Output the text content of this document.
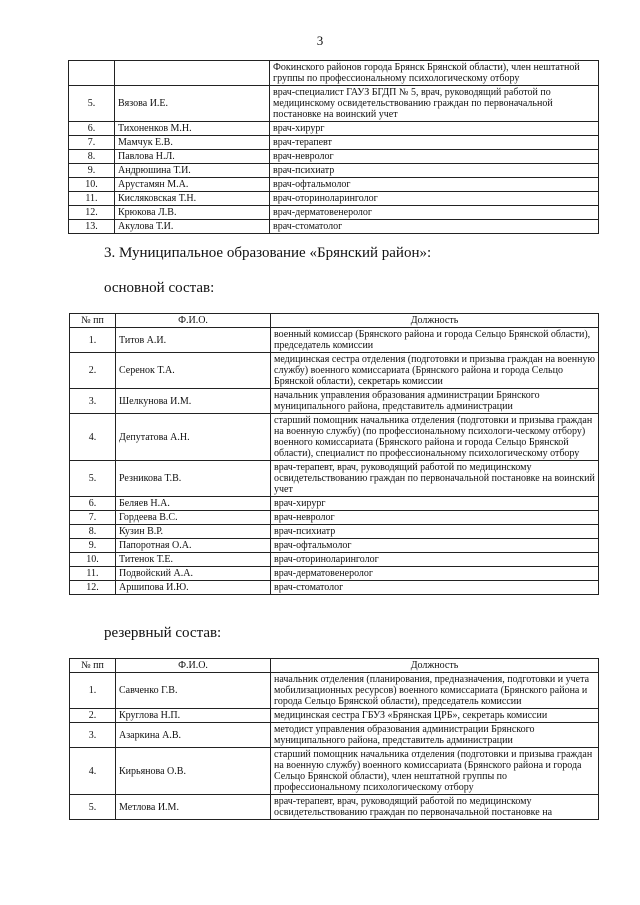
3
		Фокинского районов города Брянск Брянской области), член нештатной группы по профессиональному психологическому отбору
5.	Вязова И.Е.	врач-специалист ГАУЗ БГДП № 5, врач, руководящий работой по медицинскому освидетельствованию граждан по первоначальной постановке на воинский учет
6.	Тихоненков М.Н.	врач-хирург
7.	Мамчук Е.В.	врач-терапевт
8.	Павлова Н.Л.	врач-невролог
9.	Андрюшина Т.И.	врач-психиатр
10.	Арустамян М.А.	врач-офтальмолог
11.	Кисляковская Т.Н.	врач-оториноларинголог
12.	Крюкова Л.В.	врач-дерматовенеролог
13.	Акулова Т.И.	врач-стоматолог
3. Муниципальное образование «Брянский район»:
основной состав:
№ пп	Ф.И.О.	Должность
1.	Титов А.И.	военный комиссар (Брянского района и города Сельцо Брянской области), председатель комиссии
2.	Серенок Т.А.	медицинская сестра отделения (подготовки и призыва граждан на военную службу) военного комиссариата (Брянского района и города Сельцо Брянской области), секретарь комиссии
3.	Шелкунова И.М.	начальник управления образования администрации Брянского муниципального района, представитель администрации
4.	Депутатова А.Н.	старший помощник начальника отделения (подготовки и призыва граждан на военную службу) (по профессиональному психологи-ческому отбору) военного комиссариата (Брянского района и города Сельцо Брянской области), специалист по профессиональному психологическому отбору
5.	Резникова Т.В.	врач-терапевт, врач, руководящий работой по медицинскому освидетельствованию граждан по первоначальной постановке на воинский учет
6.	Беляев Н.А.	врач-хирург
7.	Гордеева В.С.	врач-невролог
8.	Кузин В.Р.	врач-психиатр
9.	Папоротная О.А.	врач-офтальмолог
10.	Титенок Т.Е.	врач-оториноларинголог
11.	Подвойский А.А.	врач-дерматовенеролог
12.	Аршипова И.Ю.	врач-стоматолог
резервный состав:
№ пп	Ф.И.О.	Должность
1.	Савченко Г.В.	начальник отделения (планирования, предназначения, подготовки и учета мобилизационных ресурсов) военного комиссариата (Брянского района и города Сельцо Брянской области), председатель комиссии
2.	Круглова Н.П.	медицинская сестра ГБУЗ «Брянская ЦРБ», секретарь комиссии
3.	Азаркина А.В.	методист управления образования администрации Брянского муниципального района, представитель администрации
4.	Кирьянова О.В.	старший помощник начальника отделения (подготовки и призыва граждан на военную службу) военного комиссариата (Брянского района и города Сельцо Брянской области), член нештатной группы по профессиональному психологическому отбору
5.	Метлова И.М.	врач-терапевт, врач, руководящий работой по медицинскому освидетельствованию граждан по первоначальной постановке на
